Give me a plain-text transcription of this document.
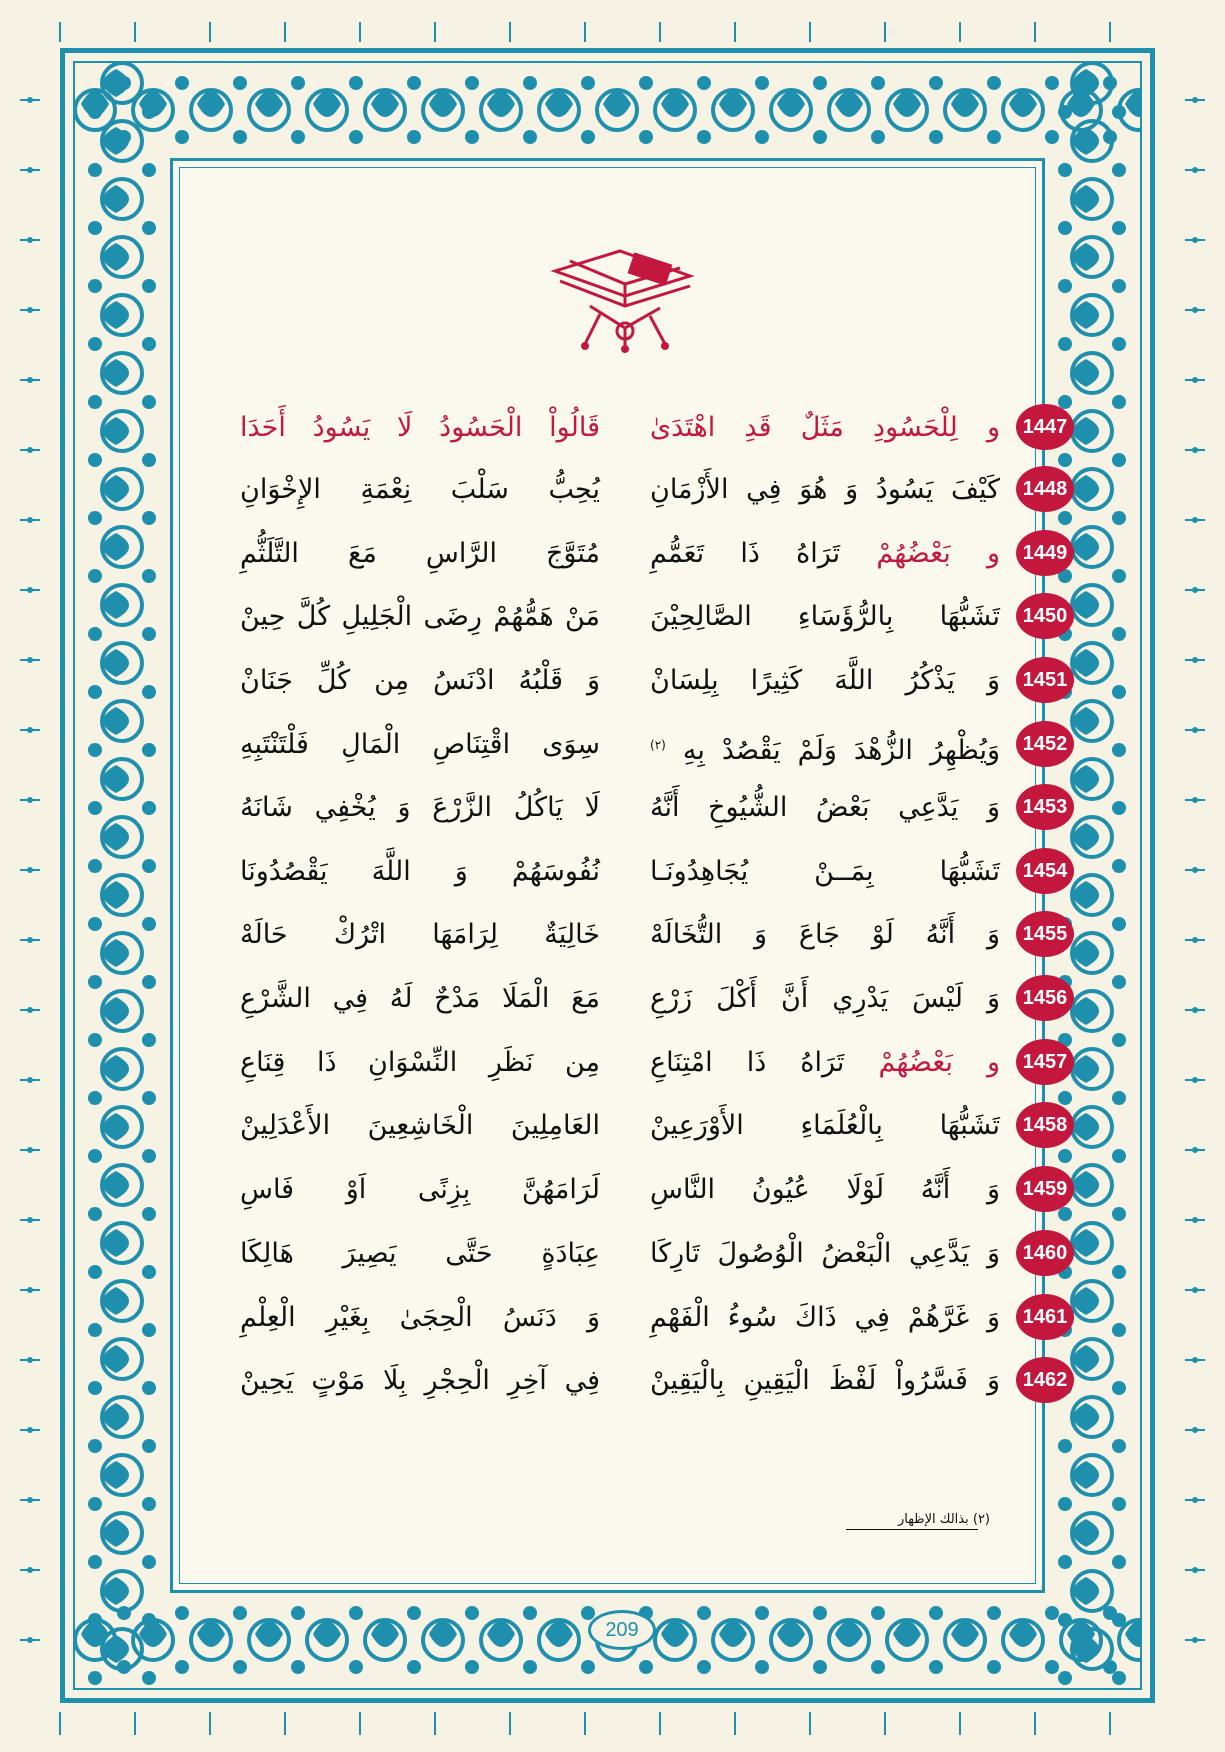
1447
و لِلْحَسُودِ مَثَلٌ قَدِ اهْتَدَىٰ
قَالُواْ الْحَسُودُ لَا يَسُودُ أَحَدَا
1448
كَيْفَ يَسُودُ وَ هُوَ فِي الأَزْمَانِ
يُحِبُّ سَلْبَ نِعْمَةِ الإِخْوَانِ
1449
و بَعْضُهُمْ تَرَاهُ ذَا تَعَمُّمِ
مُتَوَّجَ الرَّاسِ مَعَ التَّلَثُّمِ
1450
تَشَبُّهَا بِالرُّؤَسَاءِ الصَّالِحِيْنَ
مَنْ هَمُّهُمْ رِضَى الْجَلِيلِ كُلَّ حِينْ
1451
وَ يَذْكُرُ اللَّهَ كَثِيرًا بِلِسَانْ
وَ قَلْبُهُ ادْنَسُ مِن كُلِّ جَنَانْ
1452
وَيُظْهِرُ الزُّهْدَ وَلَمْ يَقْصُدْ بِهِ $^{(٢)}$
سِوَى اقْتِنَاصِ الْمَالِ فَلْتَنْتَبِهِ
1453
وَ يَدَّعِي بَعْضُ الشُّيُوخِ أَنَّهُ
لَا يَاكُلُ الزَّرْعَ وَ يُخْفِي شَانَهُ
1454
تَشَبُّهَا بِمَــنْ يُجَاهِدُونَـا
نُفُوسَهُمْ وَ اللَّهَ يَقْصُدُونَا
1455
وَ أَنَّهُ لَوْ جَاعَ وَ التُّخَالَهْ
خَالِيَةٌ لِرَامَهَا اتْرُكْ حَالَهْ
1456
وَ لَيْسَ يَدْرِي أَنَّ أَكْلَ زَرْعِ
مَعَ الْمَلَا مَدْحٌ لَهُ فِي الشَّرْعِ
1457
و بَعْضُهُمْ تَرَاهُ ذَا امْتِنَاعِ
مِن نَظَرِ النِّسْوَانِ ذَا قِنَاعِ
1458
تَشَبُّهَا بِالْعُلَمَاءِ الأَوْرَعِينْ
العَامِلِينَ الْخَاشِعِينَ الأَعْدَلِينْ
1459
وَ أَنَّهُ لَوْلَا عُيُونُ النَّاسِ
لَرَامَهُنَّ بِزِنًى اَوْ فَاسِ
1460
وَ يَدَّعِي الْبَعْضُ الْوُصُولَ تَارِكَا
عِبَادَةٍ حَتَّى يَصِيرَ هَالِكَا
1461
وَ غَرَّهُمْ فِي ذَاكَ سُوءُ الْفَهْمِ
وَ دَنَسُ الْحِجَىٰ بِغَيْرِ الْعِلْمِ
1462
وَ فَسَّرُواْ لَفْظَ الْيَقِينِ بِالْيَقِينْ
فِي آخِرِ الْحِجْرِ بِلَا مَوْتٍ يَحِينْ
(٢) بذالك الإظهار
209
